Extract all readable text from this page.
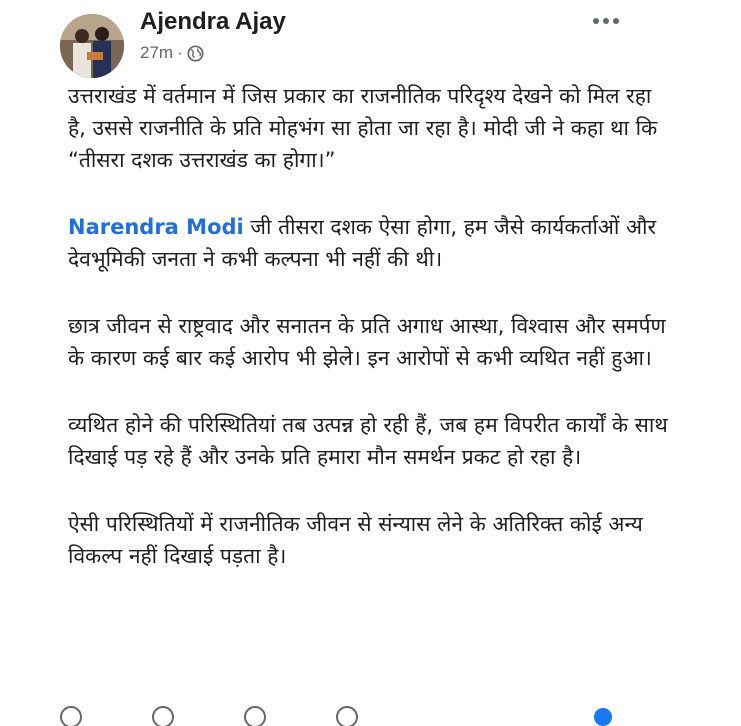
Ajendra Ajay
27m ·

उत्तराखंड में वर्तमान में जिस प्रकार का राजनीतिक परिदृश्य देखने को मिल रहा है, उससे राजनीति के प्रति मोहभंग सा होता जा रहा है। मोदी जी ने कहा था कि “तीसरा दशक उत्तराखंड का होगा।”

Narendra Modi जी तीसरा दशक ऐसा होगा, हम जैसे कार्यकर्ताओं और देवभूमिकी जनता ने कभी कल्पना भी नहीं की थी।

छात्र जीवन से राष्ट्रवाद और सनातन के प्रति अगाध आस्था, विश्वास और समर्पण के कारण कई बार कई आरोप भी झेले। इन आरोपों से कभी व्यथित नहीं हुआ।

व्यथित होने की परिस्थितियां तब उत्पन्न हो रही हैं, जब हम विपरीत कार्यों के साथ दिखाई पड़ रहे हैं और उनके प्रति हमारा मौन समर्थन प्रकट हो रहा है।

ऐसी परिस्थितियों में राजनीतिक जीवन से संन्यास लेने के अतिरिक्त कोई अन्य विकल्प नहीं दिखाई पड़ता है।
